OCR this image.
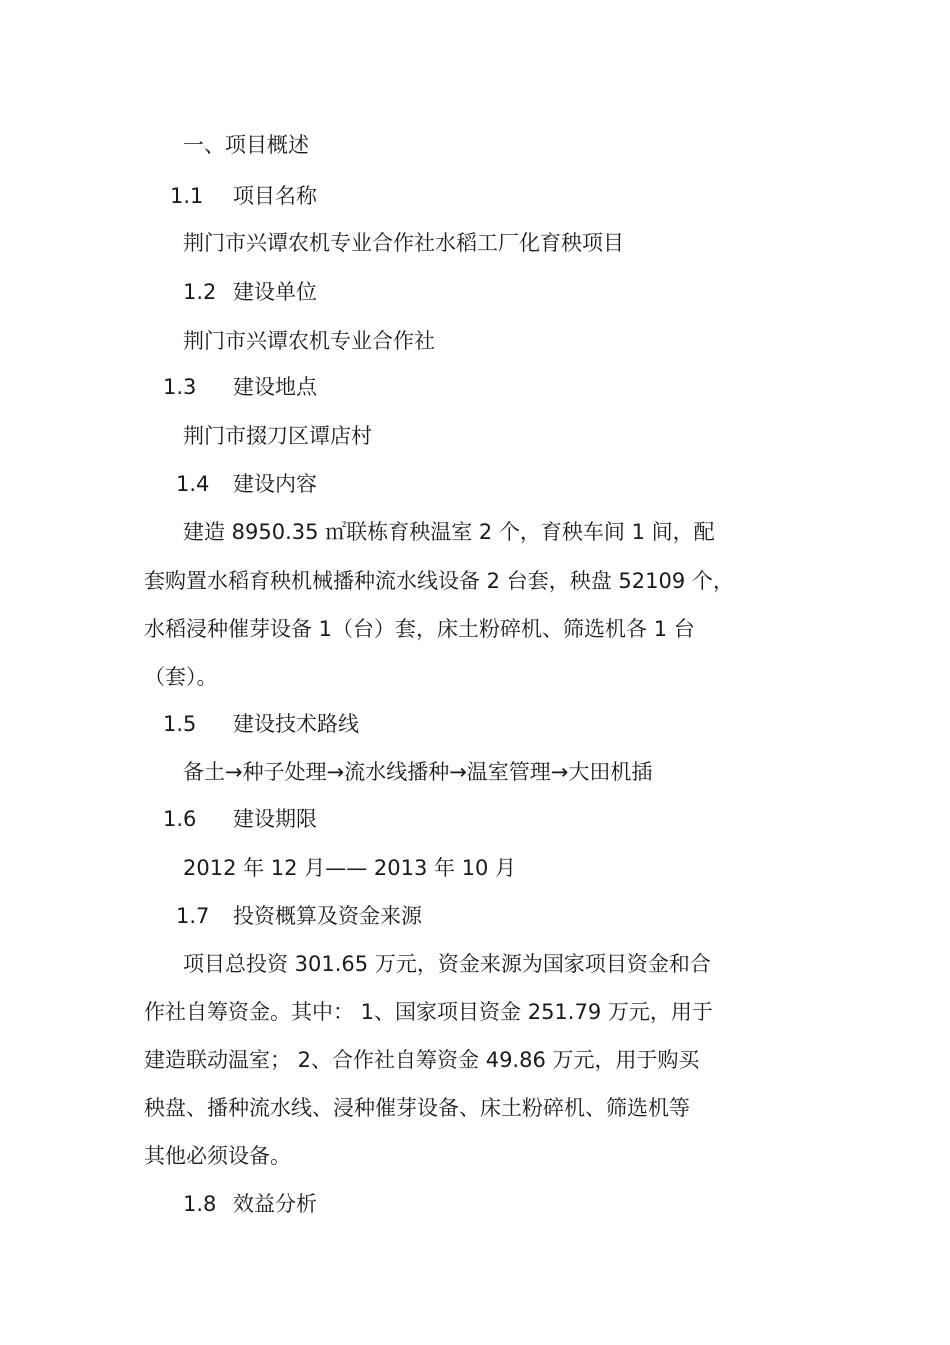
一、项目概述
1.1 项目名称
荆门市兴谭农机专业合作社水稻工厂化育秧项目
1.2 建设单位
荆门市兴谭农机专业合作社
1.3 建设地点
荆门市掇刀区谭店村
1.4 建设内容
建造 8950.35 ㎡联栋育秧温室 2 个，育秧车间 1 间，配
套购置水稻育秧机械播种流水线设备 2 台套，秧盘 52109 个，
水稻浸种催芽设备 1（台）套，床土粉碎机、筛选机各 1 台
（套）。
1.5 建设技术路线
备土→种子处理→流水线播种→温室管理→大田机插
1.6 建设期限
2012 年 12 月—— 2013 年 10 月
1.7 投资概算及资金来源
项目总投资 301.65 万元，资金来源为国家项目资金和合
作社自筹资金。其中： 1、国家项目资金 251.79 万元，用于
建造联动温室； 2、合作社自筹资金 49.86 万元，用于购买
秧盘、播种流水线、浸种催芽设备、床土粉碎机、筛选机等
其他必须设备。
1.8 效益分析
